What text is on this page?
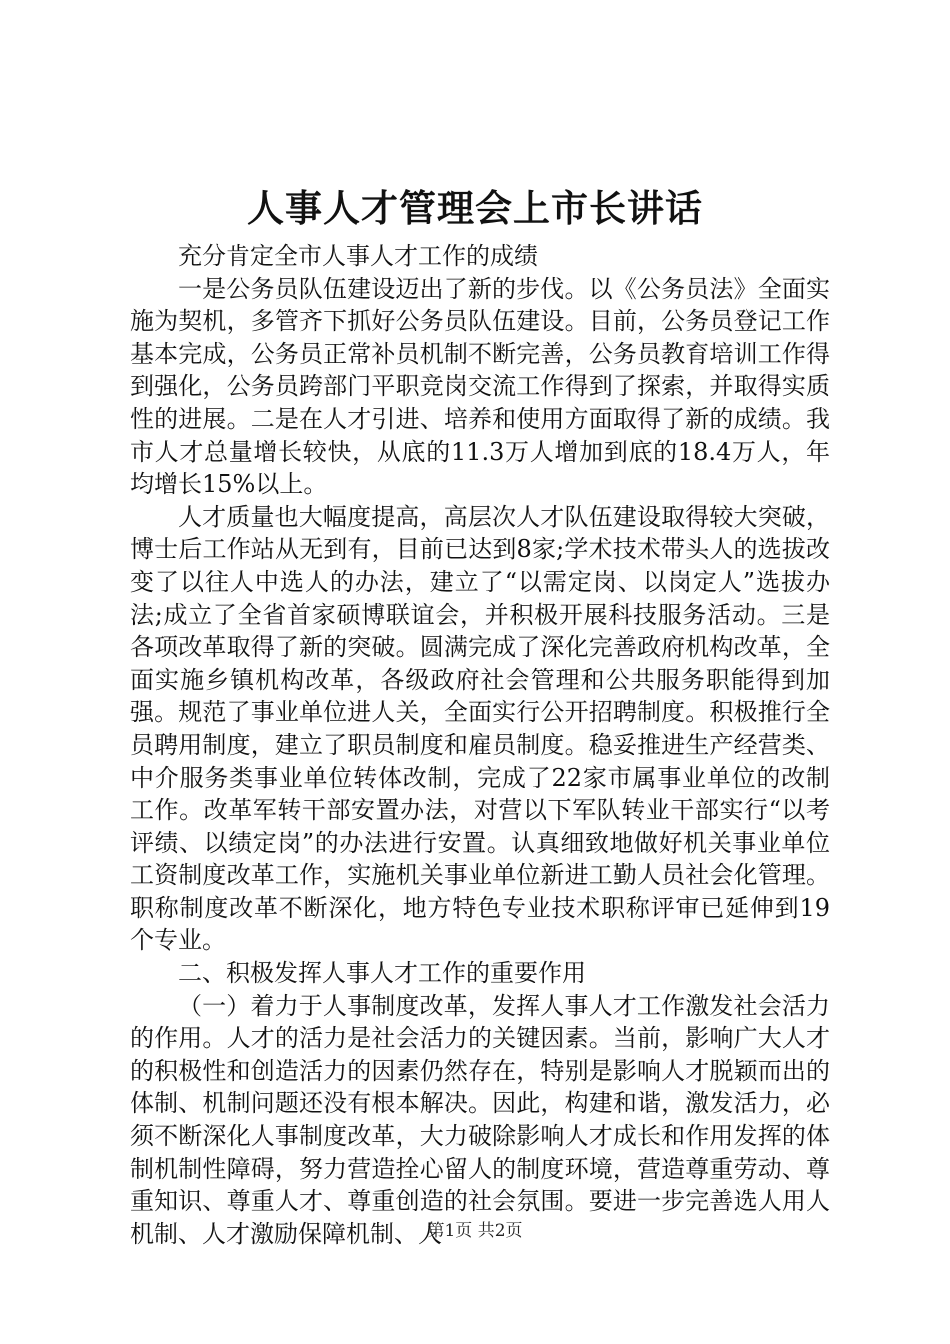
人事人才管理会上市长讲话

充分肯定全市人事人才工作的成绩

一是公务员队伍建设迈出了新的步伐。以《公务员法》全面实施为契机，多管齐下抓好公务员队伍建设。目前，公务员登记工作基本完成，公务员正常补员机制不断完善，公务员教育培训工作得到强化，公务员跨部门平职竞岗交流工作得到了探索，并取得实质性的进展。二是在人才引进、培养和使用方面取得了新的成绩。我市人才总量增长较快，从底的11.3万人增加到底的18.4万人，年均增长15%以上。

人才质量也大幅度提高，高层次人才队伍建设取得较大突破，博士后工作站从无到有，目前已达到8家;学术技术带头人的选拔改变了以往人中选人的办法，建立了“以需定岗、以岗定人”选拔办法;成立了全省首家硕博联谊会，并积极开展科技服务活动。三是各项改革取得了新的突破。圆满完成了深化完善政府机构改革，全面实施乡镇机构改革，各级政府社会管理和公共服务职能得到加强。规范了事业单位进人关，全面实行公开招聘制度。积极推行全员聘用制度，建立了职员制度和雇员制度。稳妥推进生产经营类、中介服务类事业单位转体改制，完成了22家市属事业单位的改制工作。改革军转干部安置办法，对营以下军队转业干部实行“以考评绩、以绩定岗”的办法进行安置。认真细致地做好机关事业单位工资制度改革工作，实施机关事业单位新进工勤人员社会化管理。职称制度改革不断深化，地方特色专业技术职称评审已延伸到19个专业。

二、积极发挥人事人才工作的重要作用

（一）着力于人事制度改革，发挥人事人才工作激发社会活力的作用。人才的活力是社会活力的关键因素。当前，影响广大人才的积极性和创造活力的因素仍然存在，特别是影响人才脱颖而出的体制、机制问题还没有根本解决。因此，构建和谐，激发活力，必须不断深化人事制度改革，大力破除影响人才成长和作用发挥的体制机制性障碍，努力营造拴心留人的制度环境，营造尊重劳动、尊重知识、尊重人才、尊重创造的社会氛围。要进一步完善选人用人机制、人才激励保障机制、人

第1页 共2页
